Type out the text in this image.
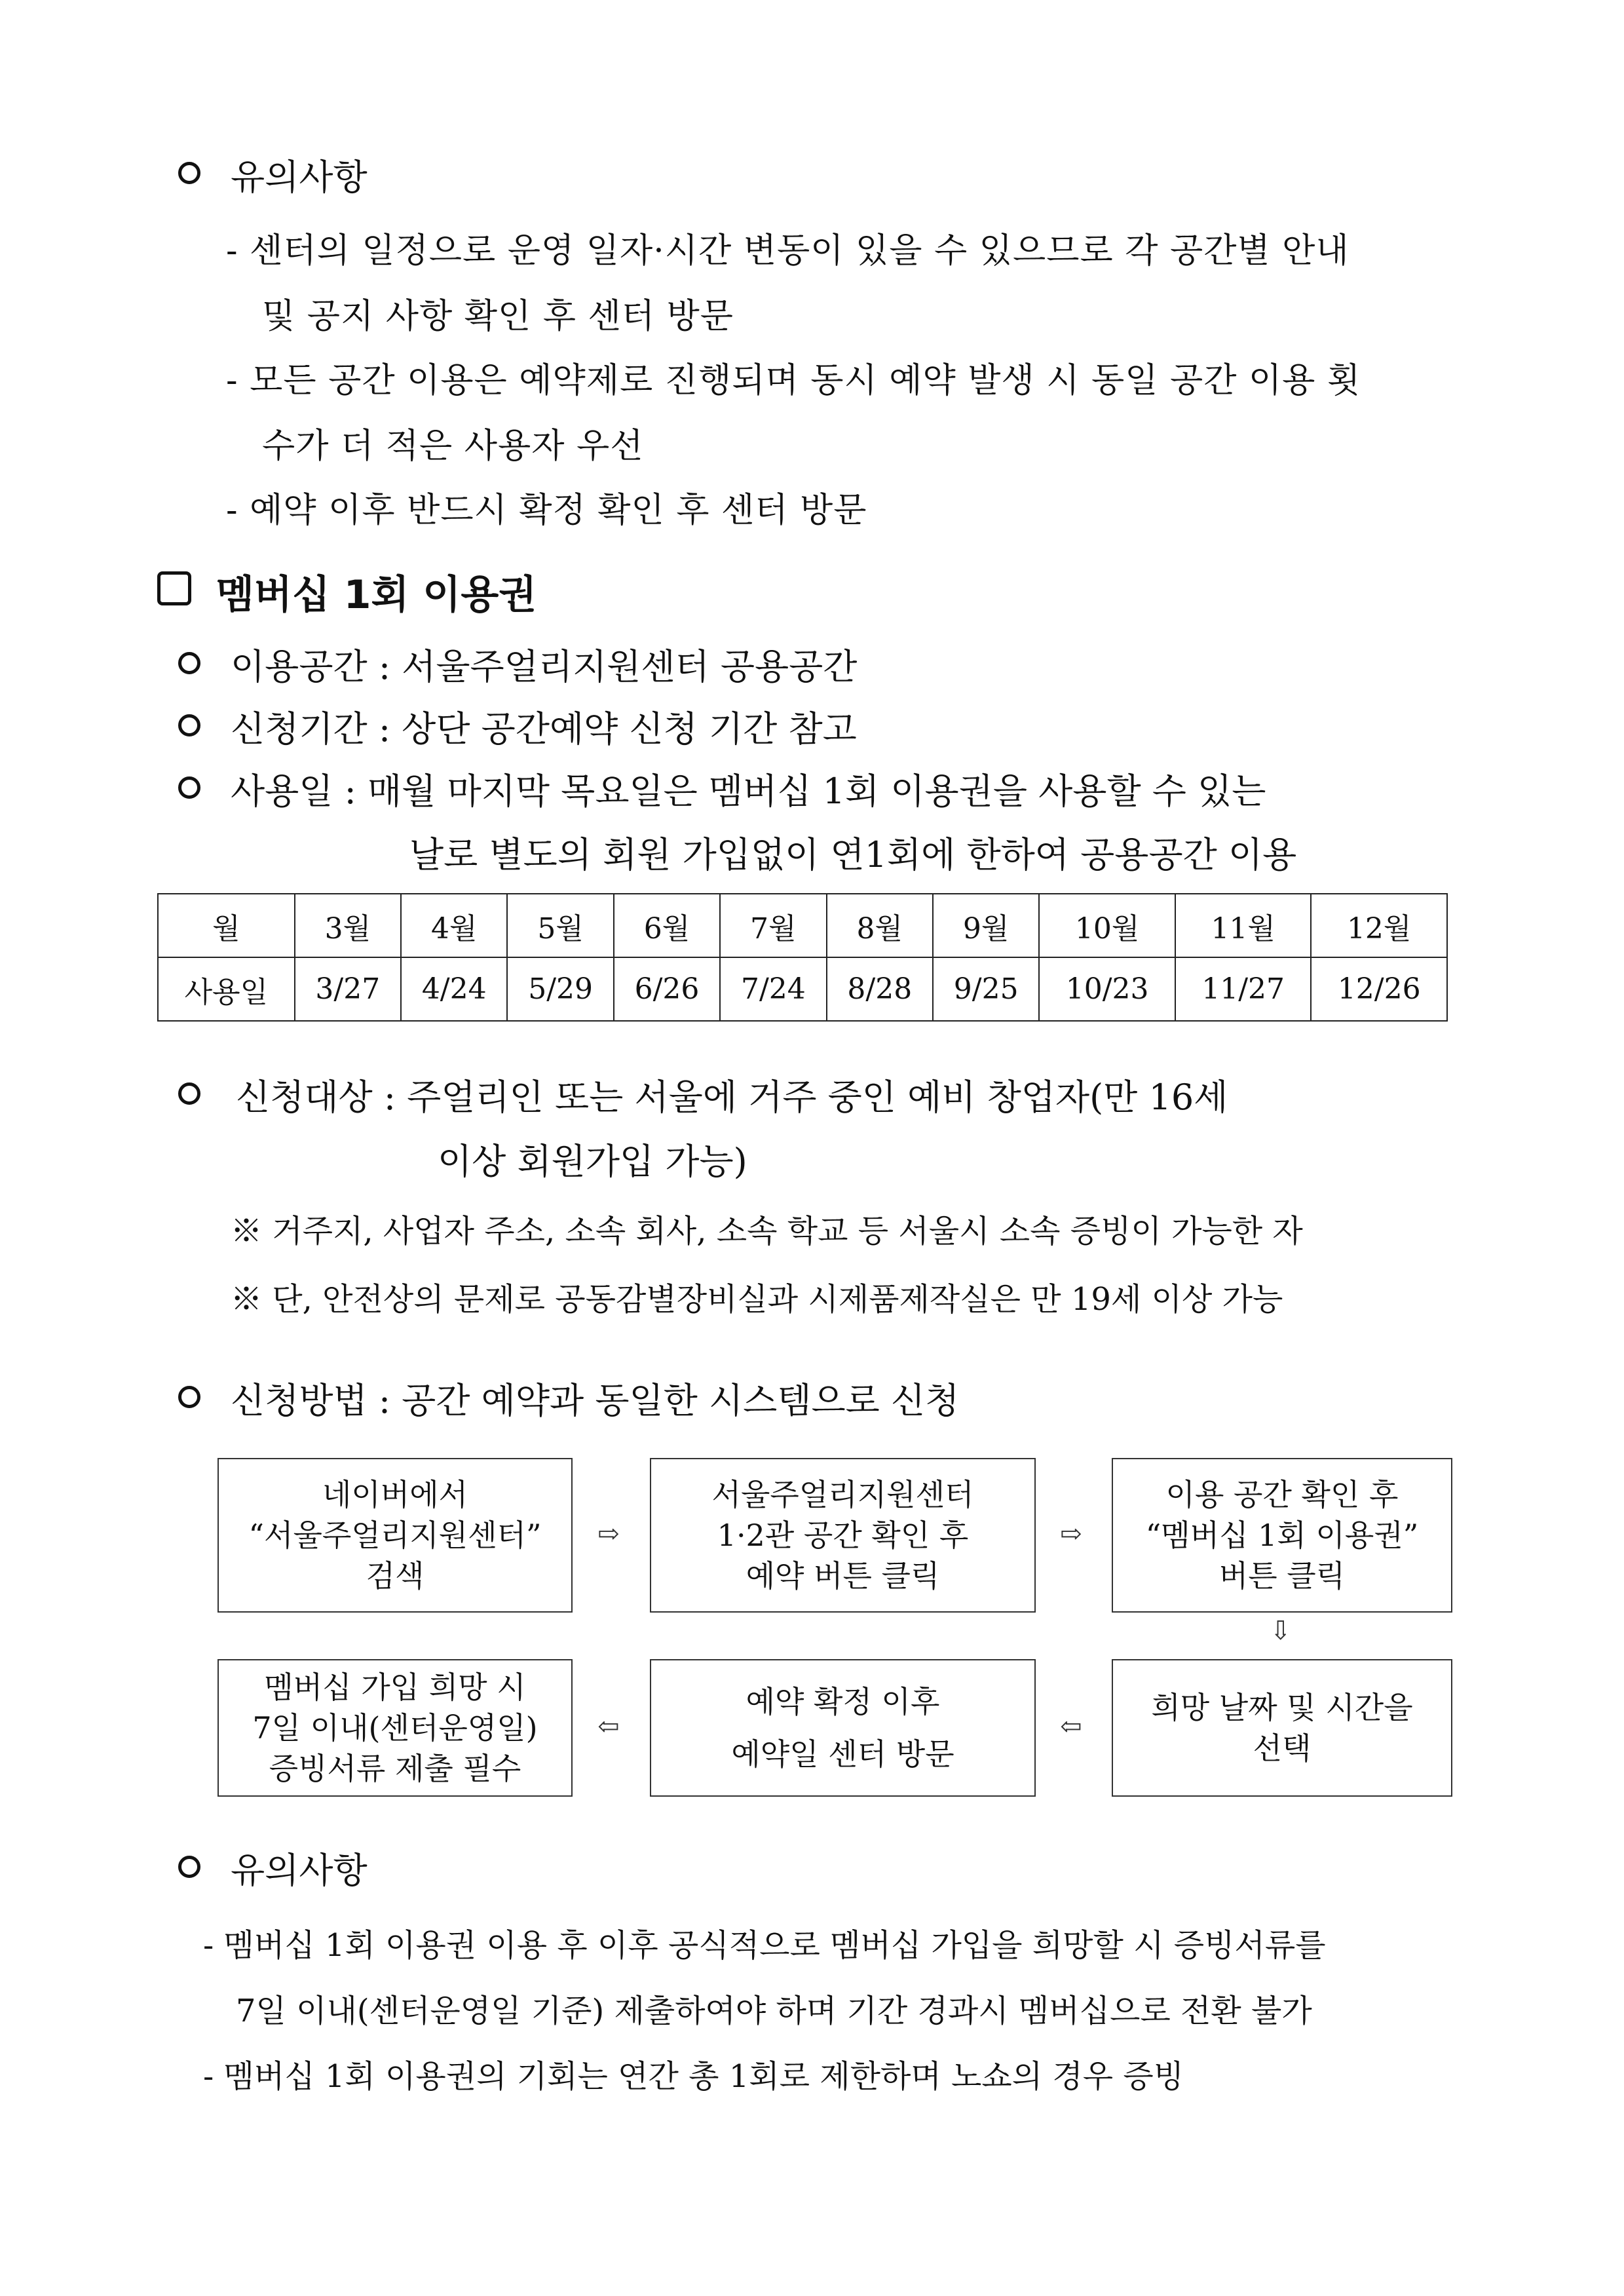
유의사항
- 센터의 일정으로 운영 일자·시간 변동이 있을 수 있으므로 각 공간별 안내
및 공지 사항 확인 후 센터 방문
- 모든 공간 이용은 예약제로 진행되며 동시 예약 발생 시 동일 공간 이용 횟
수가 더 적은 사용자 우선
- 예약 이후 반드시 확정 확인 후 센터 방문
멤버십 1회 이용권
이용공간 : 서울주얼리지원센터 공용공간
신청기간 : 상단 공간예약 신청 기간 참고
사용일 : 매월 마지막 목요일은 멤버십 1회 이용권을 사용할 수 있는
날로 별도의 회원 가입없이 연1회에 한하여 공용공간 이용
월	3월	4월	5월	6월	7월	8월	9월	10월	11월	12월
사용일	3/27	4/24	5/29	6/26	7/24	8/28	9/25	10/23	11/27	12/26
신청대상 : 주얼리인 또는 서울에 거주 중인 예비 창업자(만 16세
이상 회원가입 가능)
※ 거주지, 사업자 주소, 소속 회사, 소속 학교 등 서울시 소속 증빙이 가능한 자
※ 단, 안전상의 문제로 공동감별장비실과 시제품제작실은 만 19세 이상 가능
신청방법 : 공간 예약과 동일한 시스템으로 신청
네이버에서
“서울주얼리지원센터”
검색
⇨
서울주얼리지원센터
1·2관 공간 확인 후
예약 버튼 클릭
⇨
이용 공간 확인 후
“멤버십 1회 이용권”
버튼 클릭
⇩
멤버십 가입 희망 시
7일 이내(센터운영일)
증빙서류 제출 필수
⇦
예약 확정 이후
예약일 센터 방문
⇦
희망 날짜 및 시간을
선택
유의사항
- 멤버십 1회 이용권 이용 후 이후 공식적으로 멤버십 가입을 희망할 시 증빙서류를
7일 이내(센터운영일 기준) 제출하여야 하며 기간 경과시 멤버십으로 전환 불가
- 멤버십 1회 이용권의 기회는 연간 총 1회로 제한하며 노쇼의 경우 증빙
